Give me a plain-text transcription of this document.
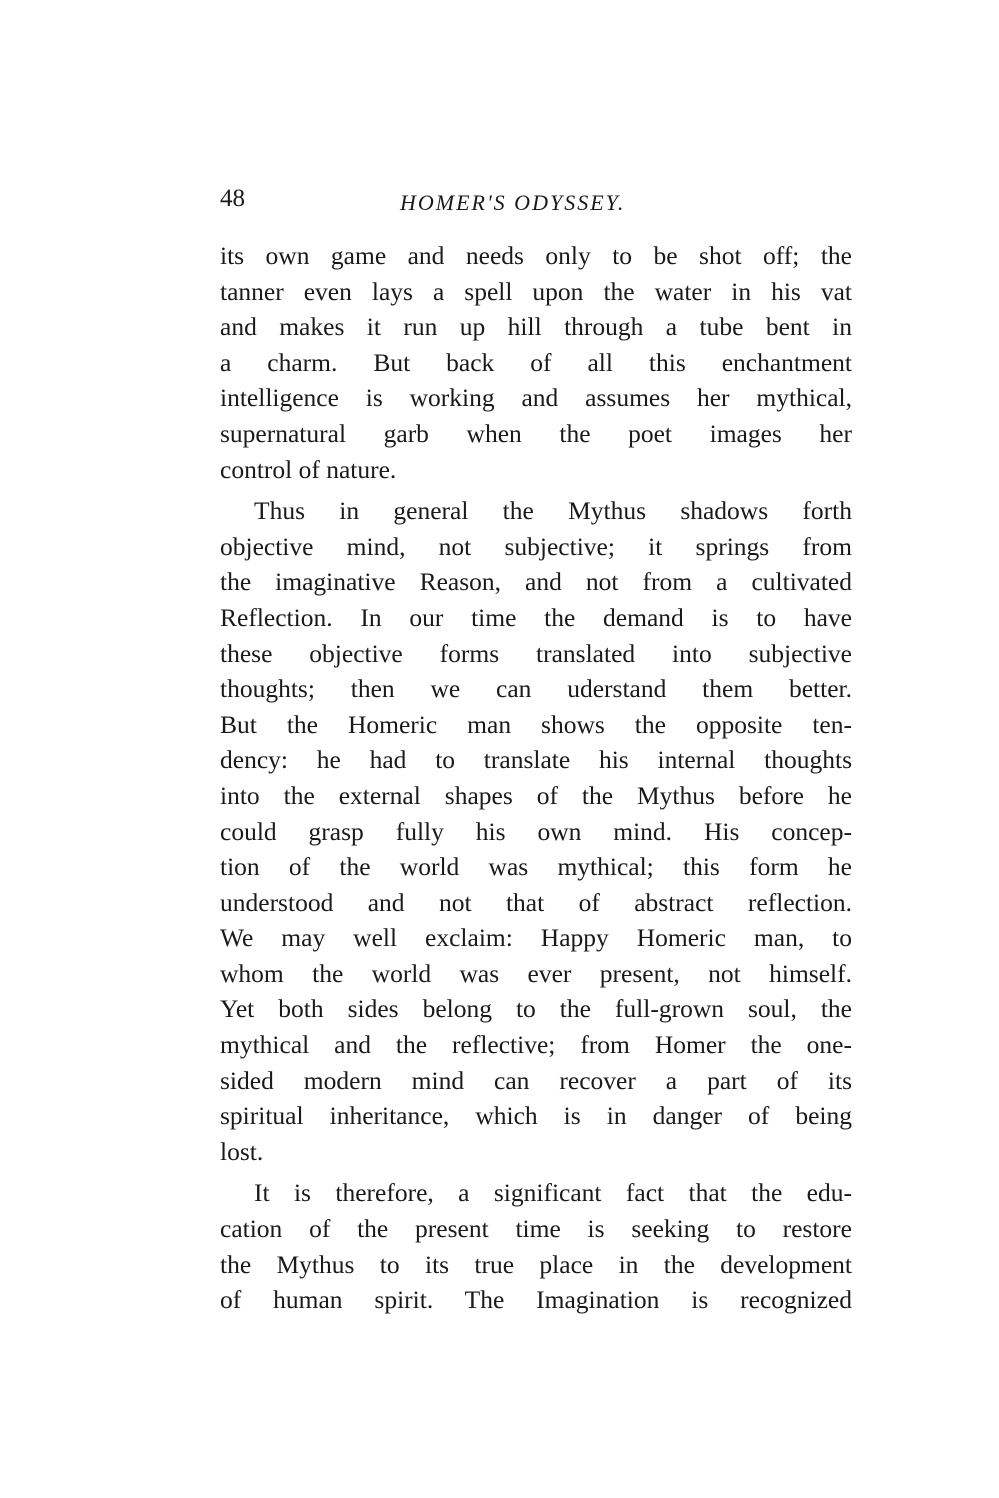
48	HOMER'S ODYSSEY.
its own game and needs only to be shot off; the
tanner even lays a spell upon the water in his vat
and makes it run up hill through a tube bent in
a charm. But back of all this enchantment
intelligence is working and assumes her mythical,
supernatural garb when the poet images her
control of nature.
Thus in general the Mythus shadows forth
objective mind, not subjective; it springs from
the imaginative Reason, and not from a cultivated
Reflection. In our time the demand is to have
these objective forms translated into subjective
thoughts; then we can uderstand them better.
But the Homeric man shows the opposite ten-
dency: he had to translate his internal thoughts
into the external shapes of the Mythus before he
could grasp fully his own mind. His concep-
tion of the world was mythical; this form he
understood and not that of abstract reflection.
We may well exclaim: Happy Homeric man, to
whom the world was ever present, not himself.
Yet both sides belong to the full-grown soul, the
mythical and the reflective; from Homer the one-
sided modern mind can recover a part of its
spiritual inheritance, which is in danger of being
lost.
It is therefore, a significant fact that the edu-
cation of the present time is seeking to restore
the Mythus to its true place in the development
of human spirit. The Imagination is recognized
